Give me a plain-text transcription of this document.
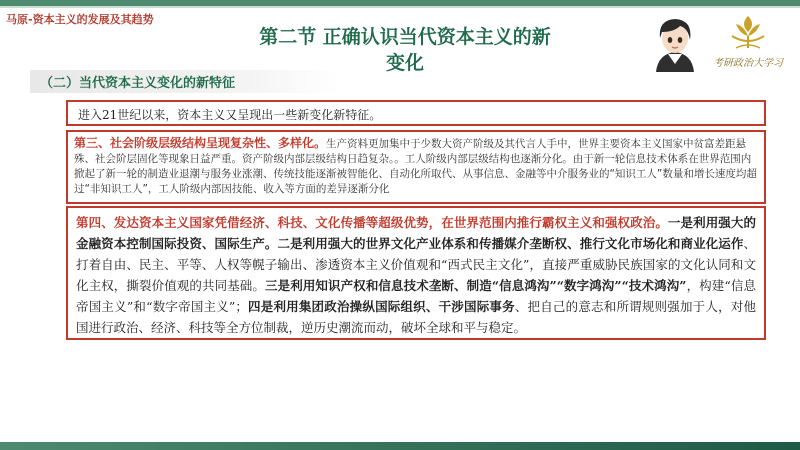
马原-资本主义的发展及其趋势
第二节 正确认识当代资本主义的新
变化	考研政治大学习
（二）当代资本主义变化的新特征
进入21世纪以来，资本主义又呈现出一些新变化新特征。
第三、社会阶级层级结构呈现复杂性、多样化。生产资料更加集中于少数大资产阶级及其代言人手中，世界主要资本主义国家中贫富差距悬殊、社会阶层固化等现象日益严重。资产阶级内部层级结构日趋复杂。。工人阶级内部层级结构也逐渐分化。由于新一轮信息技术体系在世界范围内掀起了新一轮的制造业退潮与服务业涨潮、传统技能逐渐被智能化、自动化所取代、从事信息、金融等中介服务业的“知识工人”数量和增长速度均超过“非知识工人”，工人阶级内部因技能、收入等方面的差异逐渐分化
第四、发达资本主义国家凭借经济、科技、文化传播等超级优势，在世界范围内推行霸权主义和强权政治。一是利用强大的金融资本控制国际投资、国际生产。二是利用强大的世界文化产业体系和传播媒介垄断权、推行文化市场化和商业化运作、打着自由、民主、平等、人权等幌子输出、渗透资本主义价值观和“西式民主文化”，直接严重威胁民族国家的文化认同和文化主权，撕裂价值观的共同基础。三是利用知识产权和信息技术垄断、制造“信息鸿沟”“数字鸿沟”“技术鸿沟”，构建“信息帝国主义”和“数字帝国主义”；四是利用集团政治操纵国际组织、干涉国际事务、把自己的意志和所谓规则强加于人，对他国进行政治、经济、科技等全方位制裁，逆历史潮流而动，破坏全球和平与稳定。
